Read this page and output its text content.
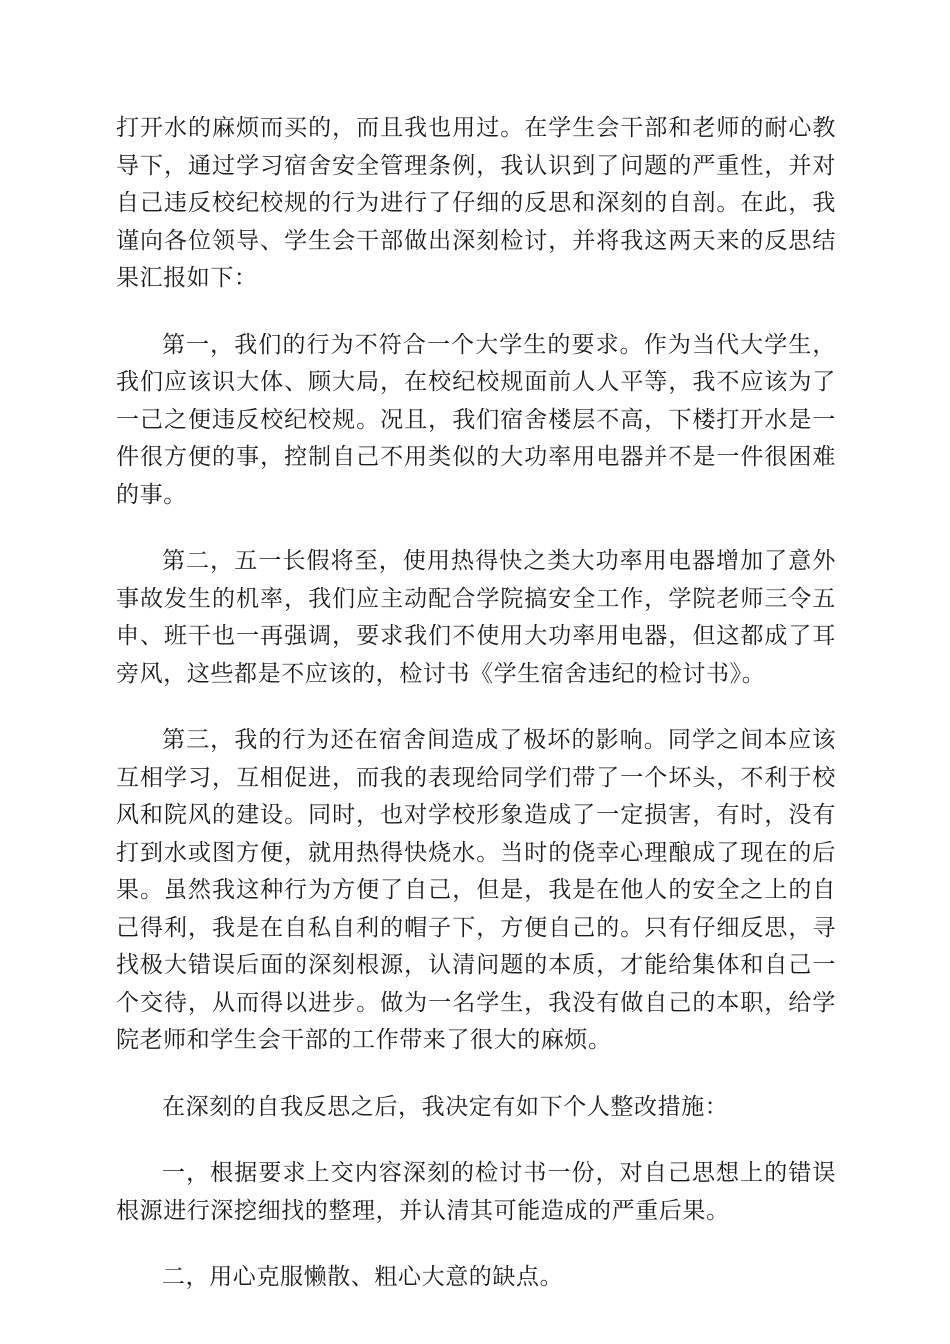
打开水的麻烦而买的，而且我也用过。在学生会干部和老师的耐心教导下，通过学习宿舍安全管理条例，我认识到了问题的严重性，并对自己违反校纪校规的行为进行了仔细的反思和深刻的自剖。在此，我谨向各位领导、学生会干部做出深刻检讨，并将我这两天来的反思结果汇报如下：

第一，我们的行为不符合一个大学生的要求。作为当代大学生，我们应该识大体、顾大局，在校纪校规面前人人平等，我不应该为了一己之便违反校纪校规。况且，我们宿舍楼层不高，下楼打开水是一件很方便的事，控制自己不用类似的大功率用电器并不是一件很困难的事。

第二，五一长假将至，使用热得快之类大功率用电器增加了意外事故发生的机率，我们应主动配合学院搞安全工作，学院老师三令五申、班干也一再强调，要求我们不使用大功率用电器，但这都成了耳旁风，这些都是不应该的，检讨书《学生宿舍违纪的检讨书》。

第三，我的行为还在宿舍间造成了极坏的影响。同学之间本应该互相学习，互相促进，而我的表现给同学们带了一个坏头，不利于校风和院风的建设。同时，也对学校形象造成了一定损害，有时，没有打到水或图方便，就用热得快烧水。当时的侥幸心理酿成了现在的后果。虽然我这种行为方便了自己，但是，我是在他人的安全之上的自己得利，我是在自私自利的帽子下，方便自己的。只有仔细反思，寻找极大错误后面的深刻根源，认清问题的本质，才能给集体和自己一个交待，从而得以进步。做为一名学生，我没有做自己的本职，给学院老师和学生会干部的工作带来了很大的麻烦。

在深刻的自我反思之后，我决定有如下个人整改措施：

一，根据要求上交内容深刻的检讨书一份，对自己思想上的错误根源进行深挖细找的整理，并认清其可能造成的严重后果。

二，用心克服懒散、粗心大意的缺点。
